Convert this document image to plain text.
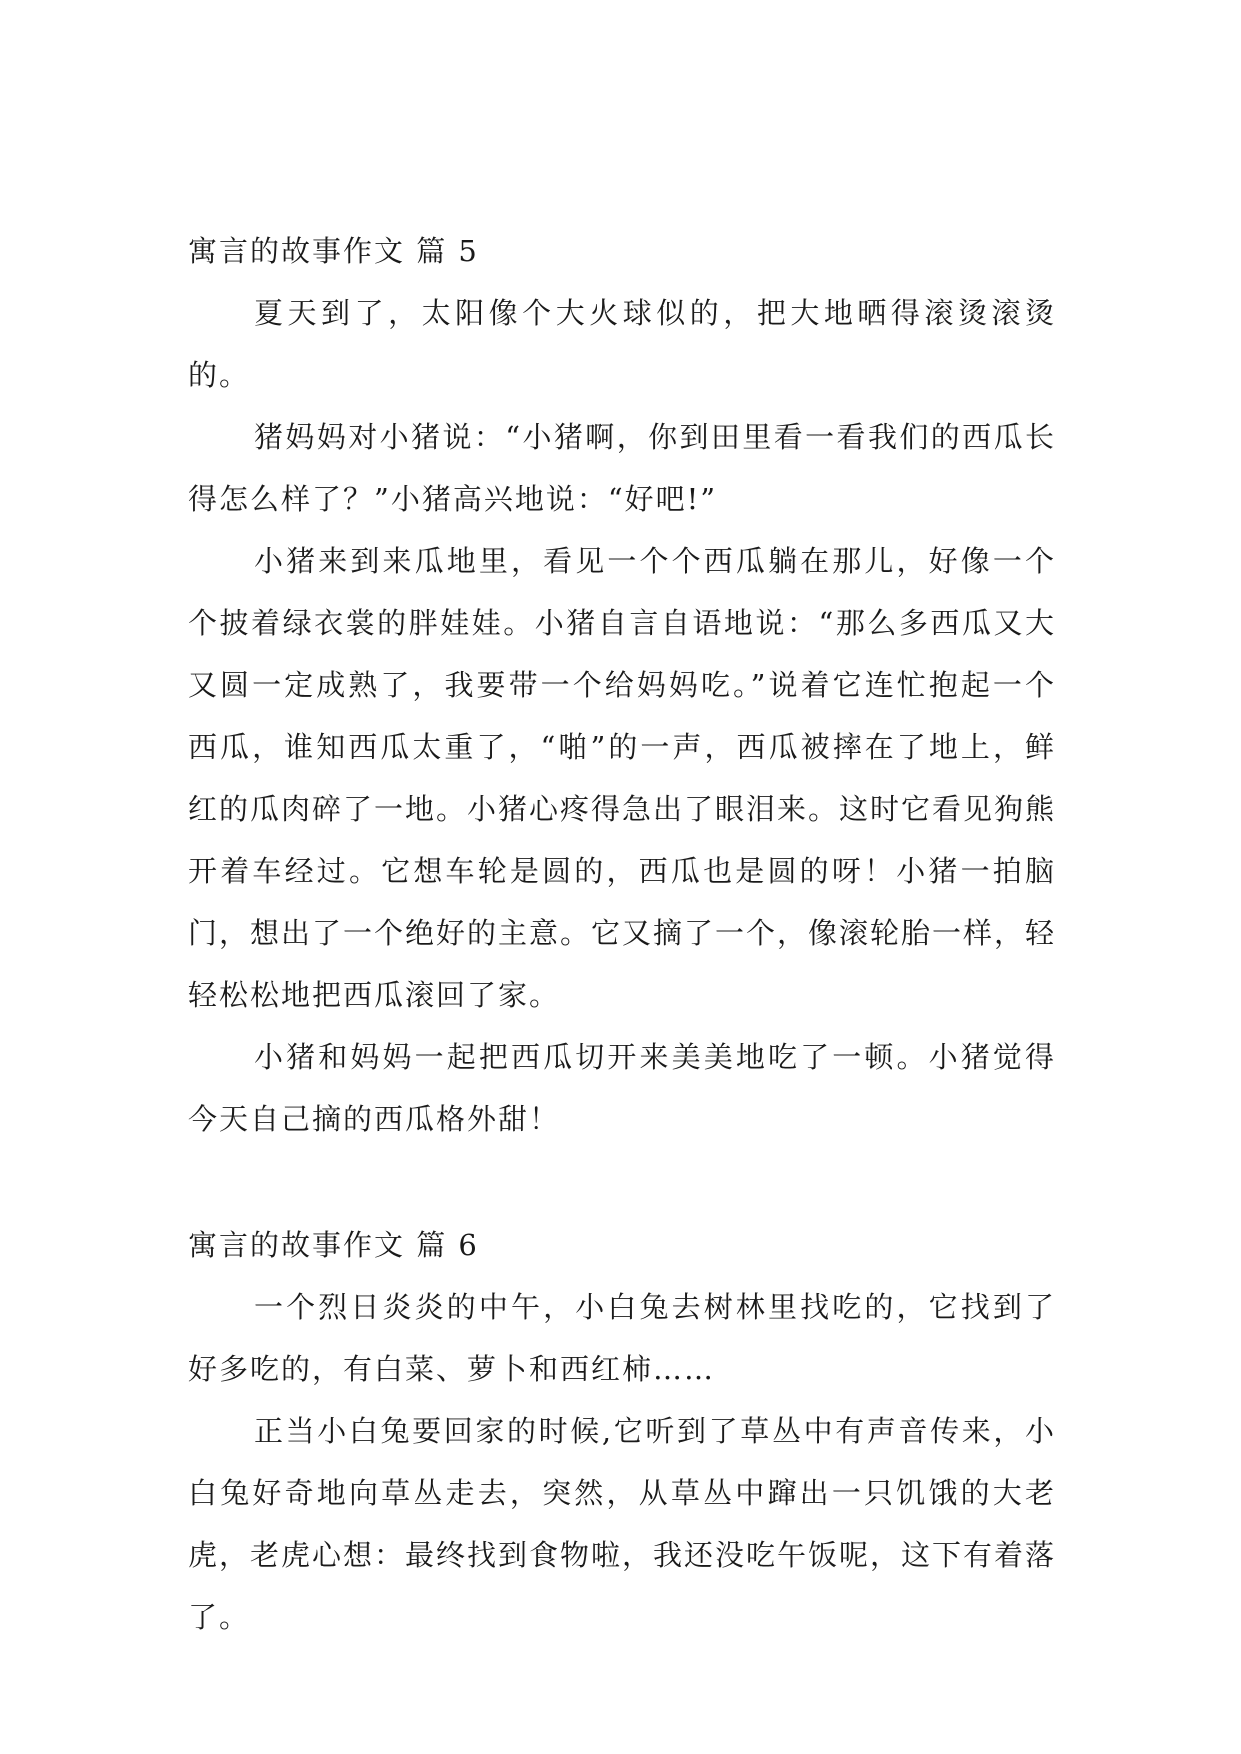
寓言的故事作文 篇 5

夏天到了，太阳像个大火球似的，把大地晒得滚烫滚烫的。

猪妈妈对小猪说：“小猪啊，你到田里看一看我们的西瓜长得怎么样了？”小猪高兴地说：“好吧!”

小猪来到来瓜地里，看见一个个西瓜躺在那儿，好像一个个披着绿衣裳的胖娃娃。小猪自言自语地说：“那么多西瓜又大又圆一定成熟了，我要带一个给妈妈吃。”说着它连忙抱起一个西瓜，谁知西瓜太重了，“啪”的一声，西瓜被摔在了地上，鲜红的瓜肉碎了一地。小猪心疼得急出了眼泪来。这时它看见狗熊开着车经过。它想车轮是圆的，西瓜也是圆的呀！小猪一拍脑门，想出了一个绝好的主意。它又摘了一个，像滚轮胎一样，轻轻松松地把西瓜滚回了家。

小猪和妈妈一起把西瓜切开来美美地吃了一顿。小猪觉得今天自己摘的西瓜格外甜！

寓言的故事作文 篇 6

一个烈日炎炎的中午，小白兔去树林里找吃的，它找到了好多吃的，有白菜、萝卜和西红柿……

正当小白兔要回家的时候,它听到了草丛中有声音传来，小白兔好奇地向草丛走去，突然，从草丛中蹿出一只饥饿的大老虎，老虎心想：最终找到食物啦，我还没吃午饭呢，这下有着落了。
